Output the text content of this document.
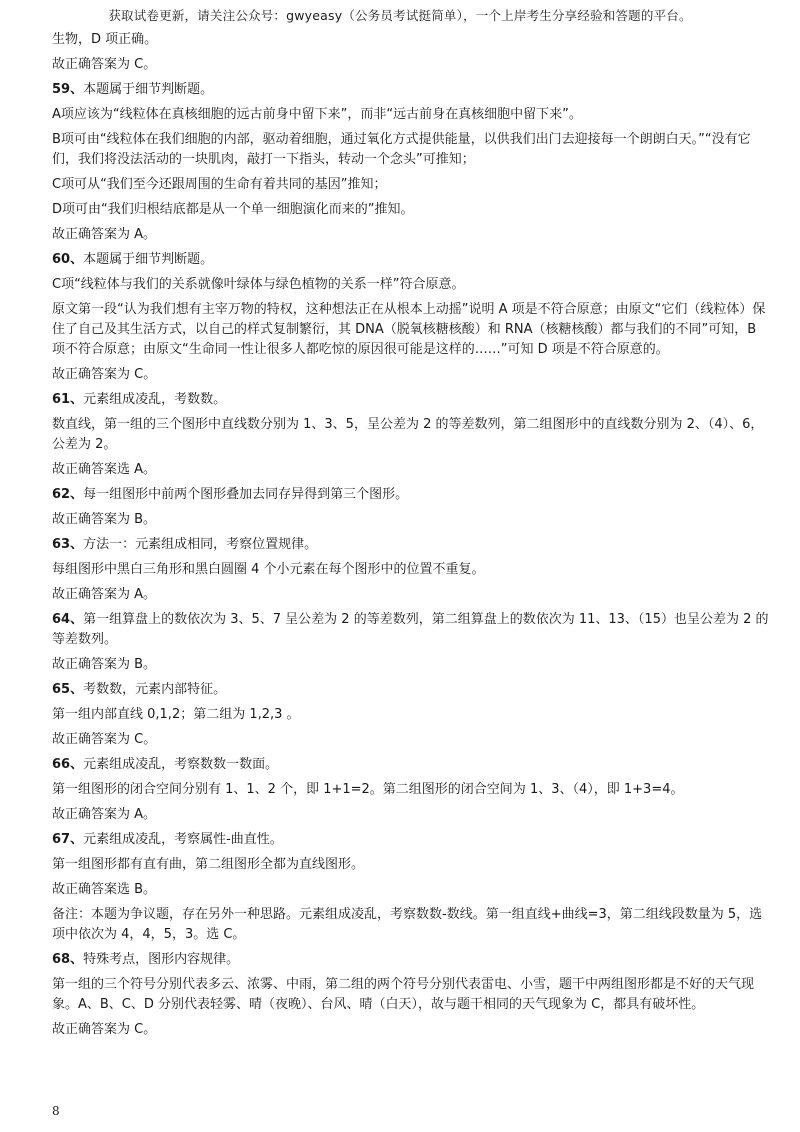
获取试卷更新，请关注公众号：gwyeasy（公务员考试挺简单），一个上岸考生分享经验和答题的平台。

生物，D 项正确。

故正确答案为 C。

59、本题属于细节判断题。

A项应该为“线粒体在真核细胞的远古前身中留下来”，而非“远古前身在真核细胞中留下来”。

B项可由“线粒体在我们细胞的内部，驱动着细胞，通过氧化方式提供能量，以供我们出门去迎接每一个朗朗白天。”“没有它们，我们将没法活动的一块肌肉，敲打一下指头，转动一个念头”可推知；

C项可从“我们至今还跟周围的生命有着共同的基因”推知；

D项可由“我们归根结底都是从一个单一细胞演化而来的”推知。

故正确答案为 A。

60、本题属于细节判断题。

C项“线粒体与我们的关系就像叶绿体与绿色植物的关系一样”符合原意。

原文第一段“认为我们想有主宰万物的特权，这种想法正在从根本上动摇”说明 A 项是不符合原意；由原文“它们（线粒体）保住了自己及其生活方式，以自己的样式复制繁衍，其 DNA（脱氧核糖核酸）和 RNA（核糖核酸）都与我们的不同”可知，B 项不符合原意；由原文“生命同一性让很多人都吃惊的原因很可能是这样的……”可知 D 项是不符合原意的。

故正确答案为 C。

61、元素组成凌乱，考数数。

数直线，第一组的三个图形中直线数分别为 1、3、5，呈公差为 2 的等差数列，第二组图形中的直线数分别为 2、（4）、6，公差为 2。

故正确答案选 A。

62、每一组图形中前两个图形叠加去同存异得到第三个图形。

故正确答案为 B。

63、方法一：元素组成相同，考察位置规律。

每组图形中黑白三角形和黑白圆圈 4 个小元素在每个图形中的位置不重复。

故正确答案为 A。

64、第一组算盘上的数依次为 3、5、7 呈公差为 2 的等差数列，第二组算盘上的数依次为 11、13、（15）也呈公差为 2 的等差数列。

故正确答案为 B。

65、考数数，元素内部特征。

第一组内部直线 0,1,2；第二组为 1,2,3 。

故正确答案为 C。

66、元素组成凌乱，考察数数一数面。

第一组图形的闭合空间分别有 1、1、2 个，即 1+1=2。第二组图形的闭合空间为 1、3、（4），即 1+3=4。

故正确答案为 A。

67、元素组成凌乱，考察属性-曲直性。

第一组图形都有直有曲，第二组图形全都为直线图形。

故正确答案选 B。

备注：本题为争议题，存在另外一种思路。元素组成凌乱，考察数数-数线。第一组直线+曲线=3，第二组线段数量为 5，选项中依次为 4，4，5，3。选 C。

68、特殊考点，图形内容规律。

第一组的三个符号分别代表多云、浓雾、中雨，第二组的两个符号分别代表雷电、小雪，题干中两组图形都是不好的天气现象。A、B、C、D 分别代表轻雾、晴（夜晚）、台风、晴（白天），故与题干相同的天气现象为 C，都具有破坏性。

故正确答案为 C。

8
